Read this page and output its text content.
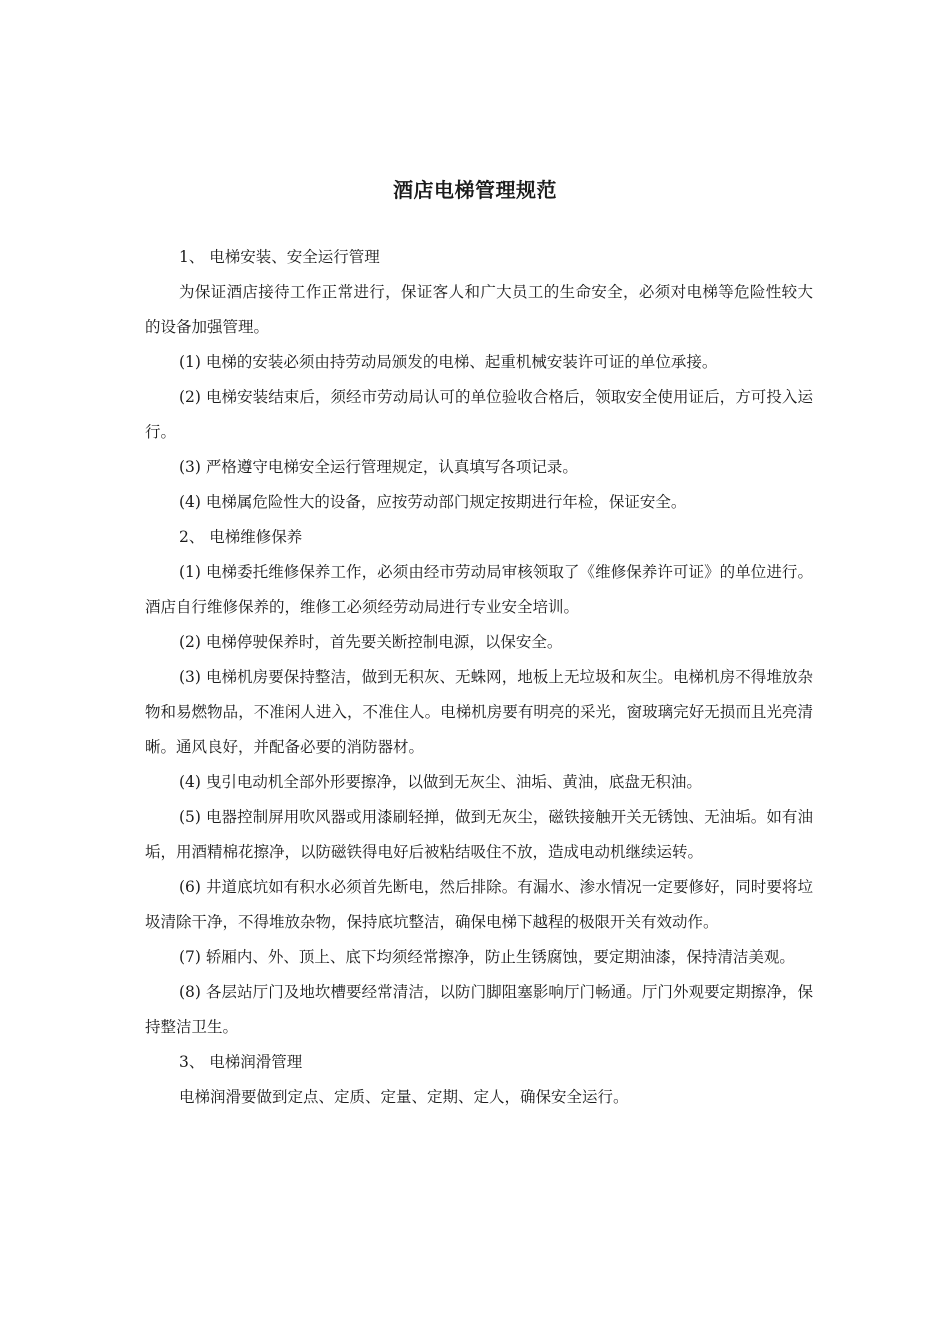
酒店电梯管理规范

1、 电梯安装、安全运行管理

为保证酒店接待工作正常进行，保证客人和广大员工的生命安全，必须对电梯等危险性较大的设备加强管理。

(1) 电梯的安装必须由持劳动局颁发的电梯、起重机械安装许可证的单位承接。

(2) 电梯安装结束后，须经市劳动局认可的单位验收合格后，领取安全使用证后，方可投入运行。

(3) 严格遵守电梯安全运行管理规定，认真填写各项记录。

(4) 电梯属危险性大的设备，应按劳动部门规定按期进行年检，保证安全。

2、 电梯维修保养

(1) 电梯委托维修保养工作，必须由经市劳动局审核领取了《维修保养许可证》的单位进行。酒店自行维修保养的，维修工必须经劳动局进行专业安全培训。

(2) 电梯停驶保养时，首先要关断控制电源，以保安全。

(3) 电梯机房要保持整洁，做到无积灰、无蛛网，地板上无垃圾和灰尘。电梯机房不得堆放杂物和易燃物品，不准闲人进入，不准住人。电梯机房要有明亮的采光，窗玻璃完好无损而且光亮清晰。通风良好，并配备必要的消防器材。

(4) 曳引电动机全部外形要擦净，以做到无灰尘、油垢、黄油，底盘无积油。

(5) 电器控制屏用吹风器或用漆刷轻掸，做到无灰尘，磁铁接触开关无锈蚀、无油垢。如有油垢，用酒精棉花擦净，以防磁铁得电好后被粘结吸住不放，造成电动机继续运转。

(6) 井道底坑如有积水必须首先断电，然后排除。有漏水、渗水情况一定要修好，同时要将垃圾清除干净，不得堆放杂物，保持底坑整洁，确保电梯下越程的极限开关有效动作。

(7) 轿厢内、外、顶上、底下均须经常擦净，防止生锈腐蚀，要定期油漆，保持清洁美观。

(8) 各层站厅门及地坎槽要经常清洁，以防门脚阻塞影响厅门畅通。厅门外观要定期擦净，保持整洁卫生。

3、 电梯润滑管理

电梯润滑要做到定点、定质、定量、定期、定人，确保安全运行。
